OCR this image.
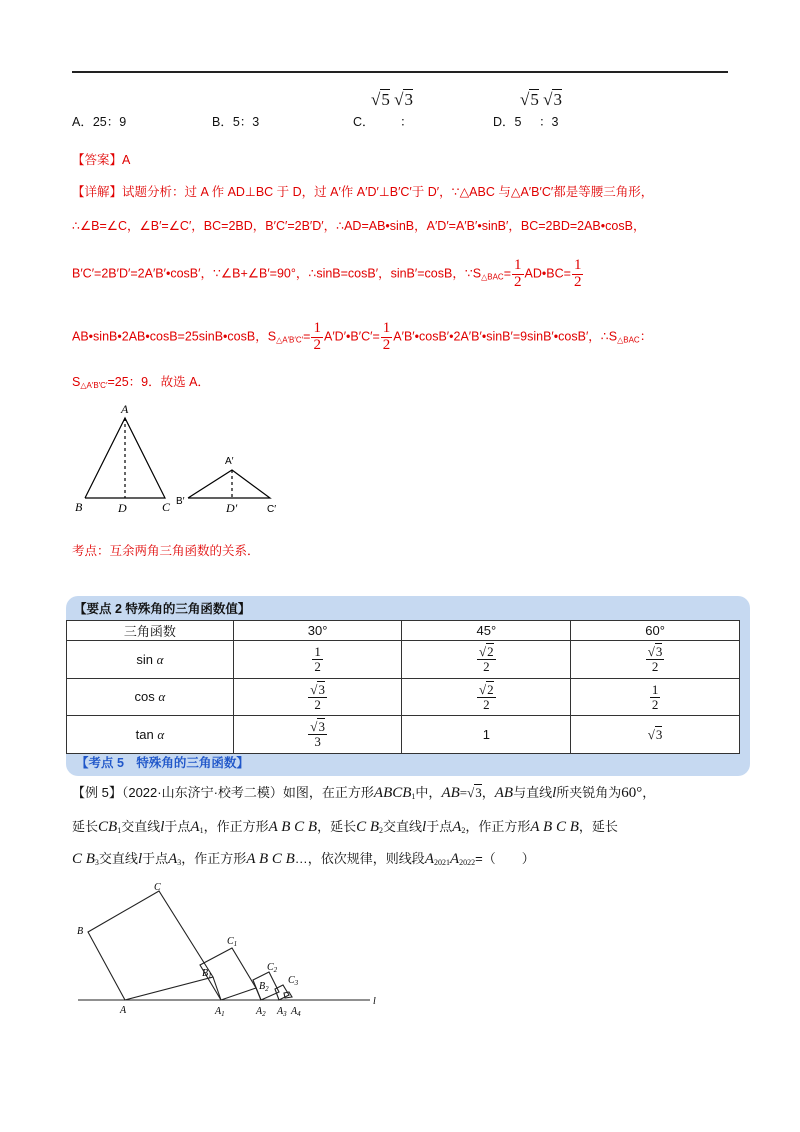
A．25：9	B．5：3	C．
√5 √3
：	D．5
√5 √3
：3
【答案】A
【详解】试题分析：过 A 作 AD⊥BC 于 D，过 A′作 A′D′⊥B′C′于 D′，∵△ABC 与△A′B′C′都是等腰三角形，
∴∠B=∠C，∠B′=∠C′，BC=2BD，B′C′=2B′D′，∴AD=AB•sinB，A′D′=A′B′•sinB′，BC=2BD=2AB•cosB，
B′C′=2B′D′=2A′B′•cosB′，∵∠B+∠B′=90°，∴sinB=cosB′，sinB′=cosB，$\because S_{\triangle BAC}= \frac{1}{2}$ AD•BC= $\frac{1}{2}$
AB•sinB•2AB•cosB=25sinB•cosB，$S_{\triangle A'B'C'}= \frac{1}{2}$ A′D′•B′C′= $\frac{1}{2}$ A′B′•cosB′•2A′B′•sinB′=9sinB′•cosB′，$\therefore S_{\triangle BAC}$：
$S_{\triangle A'B'C'}=25$：9．故选 A．
A
B	D	C
A′
B′	D′	C′
考点：互余两角三角函数的关系．
【要点 2 特殊角的三角函数值】
三角函数	30°	45°	60°
sin α	$\frac{1}{2}$	$\frac{√2}{2}$	$\frac{√3}{2}$

cos α	$\frac{√3}{2}$	$\frac{√2}{2}$	$\frac{1}{2}$

tan α	$\frac{√3}{3}$	1	√3
【考点 5　特殊角的三角函数】
【例 5】（2022·山东济宁·校考二模）如图，在正方形$ABCB_1$中，AB=√3，AB与直线l所夹锐角为60°，
延长$CB_1$交直线l于点$A_1$，作正方形A B C B，延长C $B_2$交直线l于点$A_2$，作正方形A B C B，延长
C $B_3$交直线l于点$A_3$，作正方形A B C B…，依次规律，则线段$A_{2021}A_{2022}=$（　　）
C
B
A
$C_1$
$B_1$
$A_1$
$C_2$
$B_2$
$A_2$
$C_3$
$A_3$ $A_4$
l
